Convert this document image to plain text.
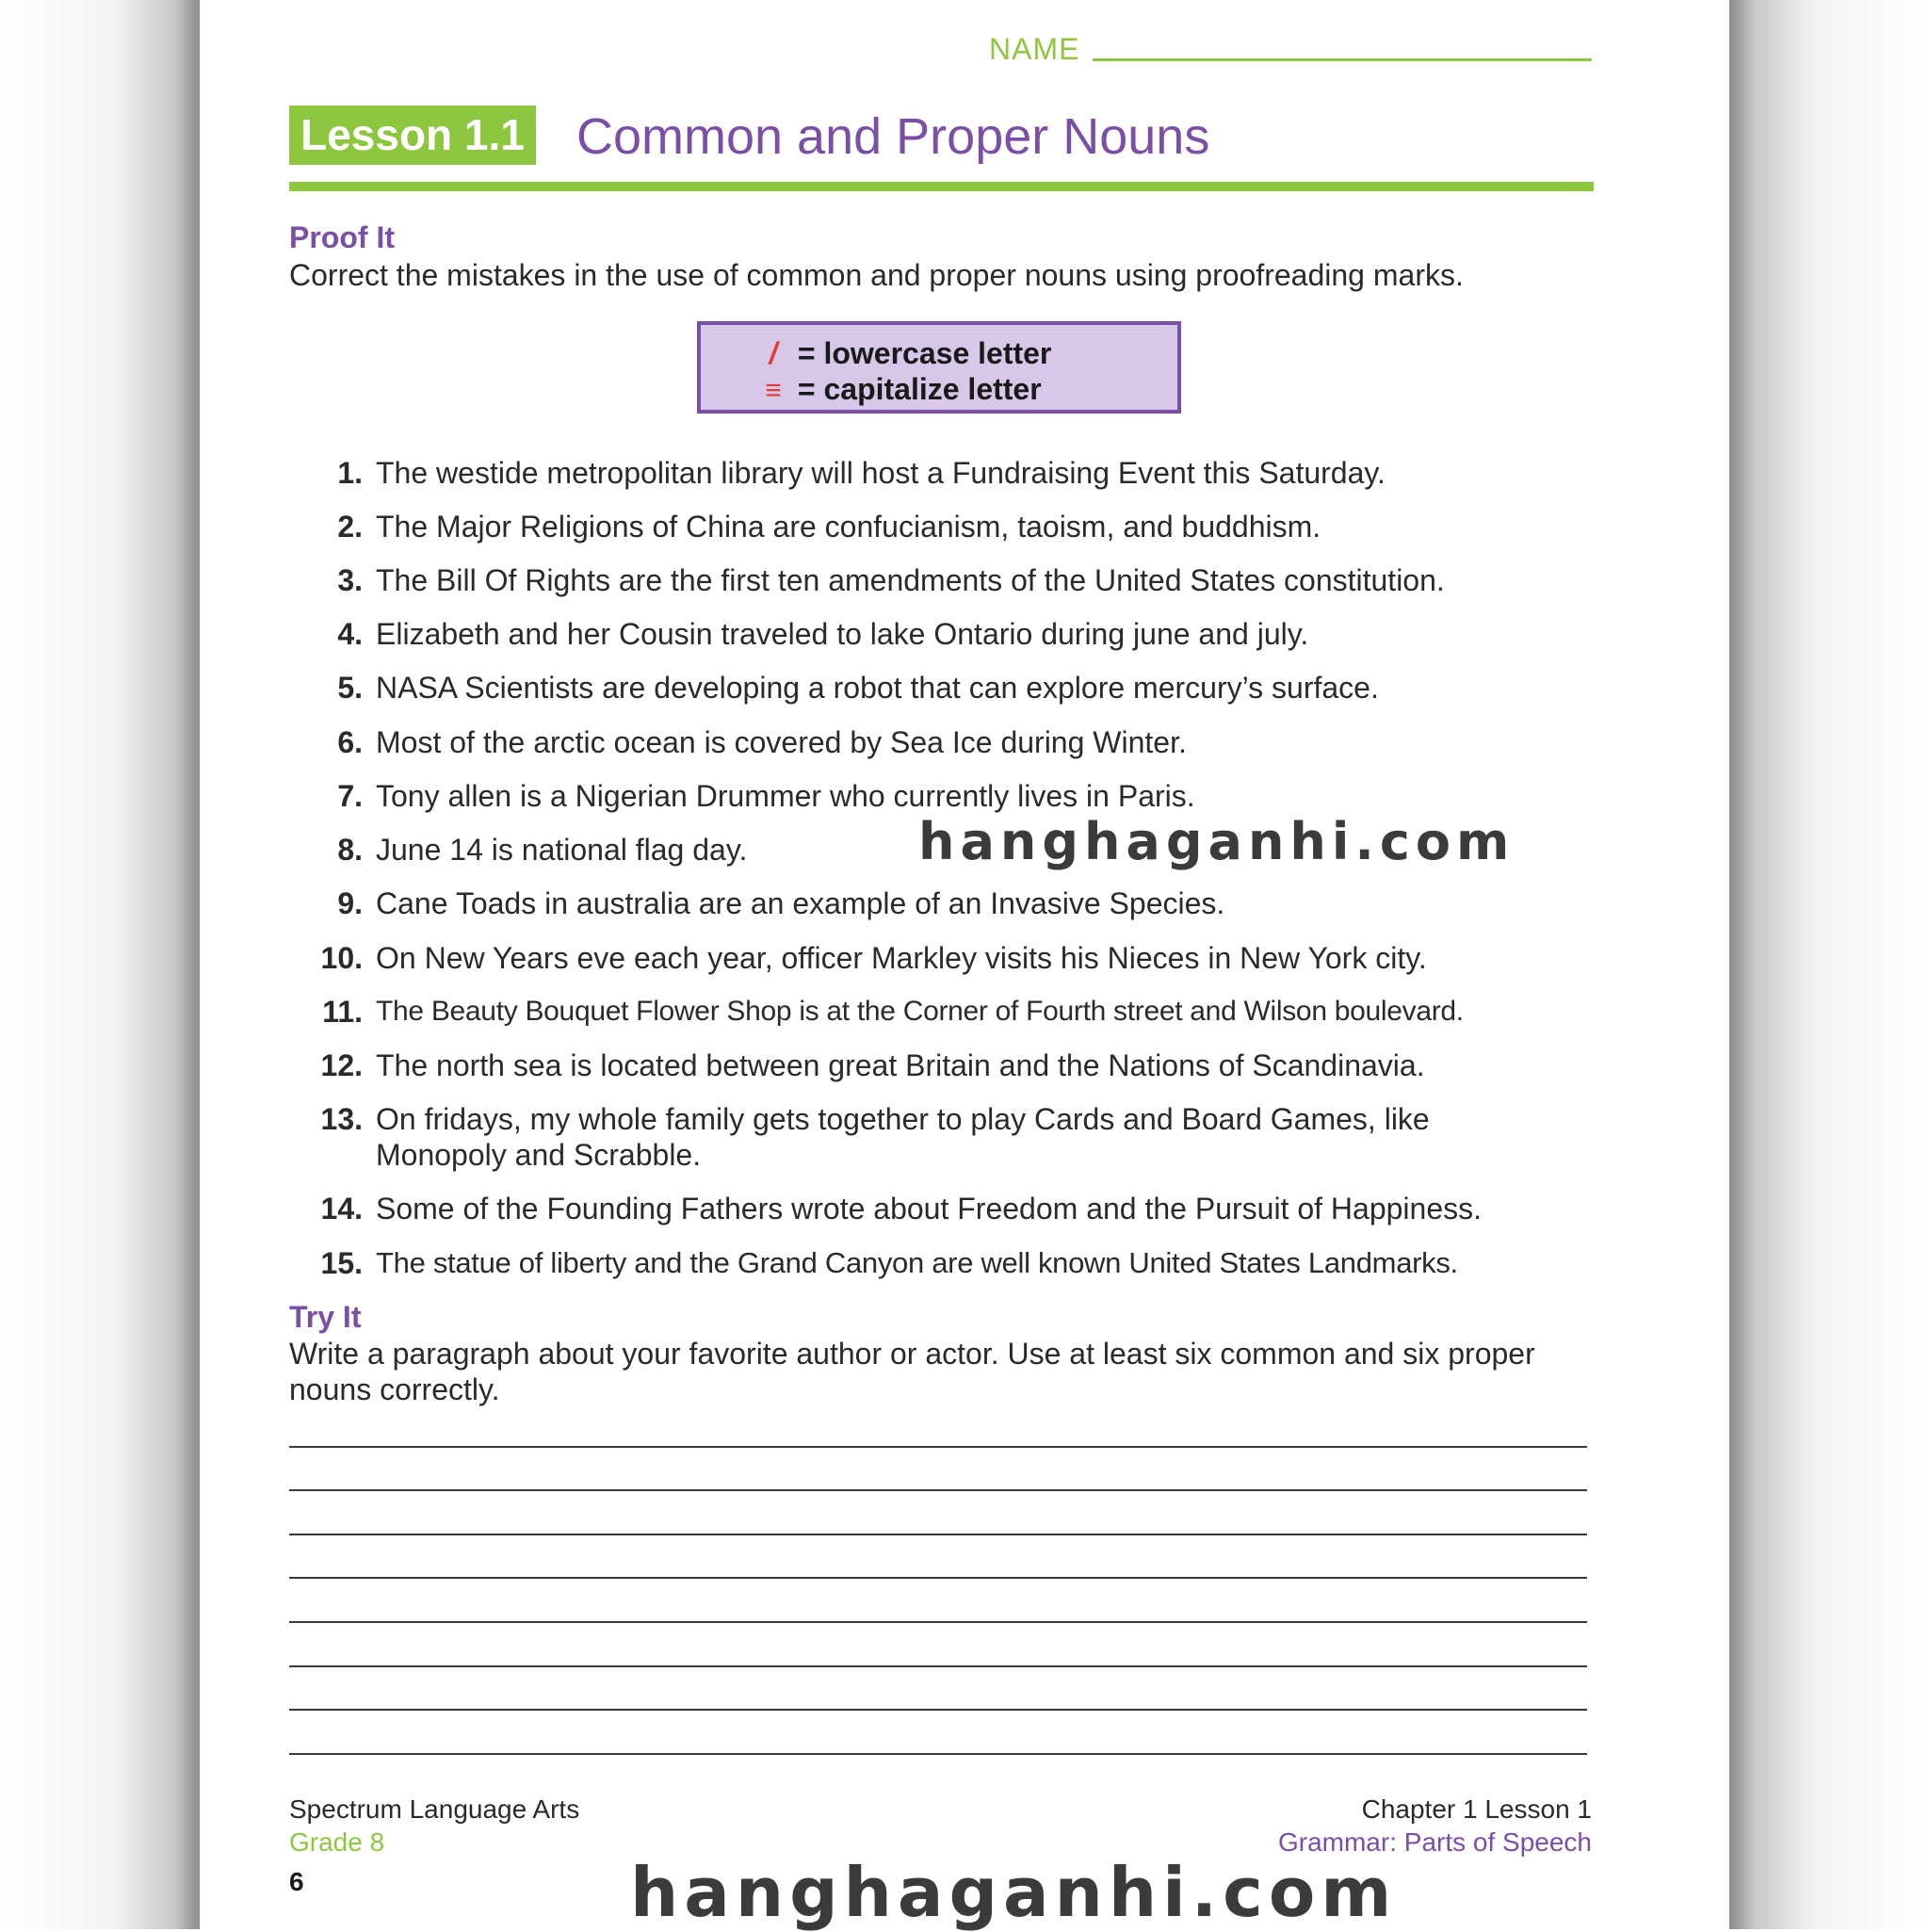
NAME
Lesson 1.1 Common and Proper Nouns
Proof It
Correct the mistakes in the use of common and proper nouns using proofreading marks.
/ = lowercase letter
≡ = capitalize letter
1. The westide metropolitan library will host a Fundraising Event this Saturday.
2. The Major Religions of China are confucianism, taoism, and buddhism.
3. The Bill Of Rights are the first ten amendments of the United States constitution.
4. Elizabeth and her Cousin traveled to lake Ontario during june and july.
5. NASA Scientists are developing a robot that can explore mercury’s surface.
6. Most of the arctic ocean is covered by Sea Ice during Winter.
7. Tony allen is a Nigerian Drummer who currently lives in Paris.
8. June 14 is national flag day.
9. Cane Toads in australia are an example of an Invasive Species.
10. On New Years eve each year, officer Markley visits his Nieces in New York city.
11. The Beauty Bouquet Flower Shop is at the Corner of Fourth street and Wilson boulevard.
12. The north sea is located between great Britain and the Nations of Scandinavia.
13. On fridays, my whole family gets together to play Cards and Board Games, like Monopoly and Scrabble.
14. Some of the Founding Fathers wrote about Freedom and the Pursuit of Happiness.
15. The statue of liberty and the Grand Canyon are well known United States Landmarks.
Try It
Write a paragraph about your favorite author or actor. Use at least six common and six proper nouns correctly.
Spectrum Language Arts
Grade 8
6
Chapter 1 Lesson 1
Grammar: Parts of Speech
hanghaganhi.com
hanghaganhi.com
